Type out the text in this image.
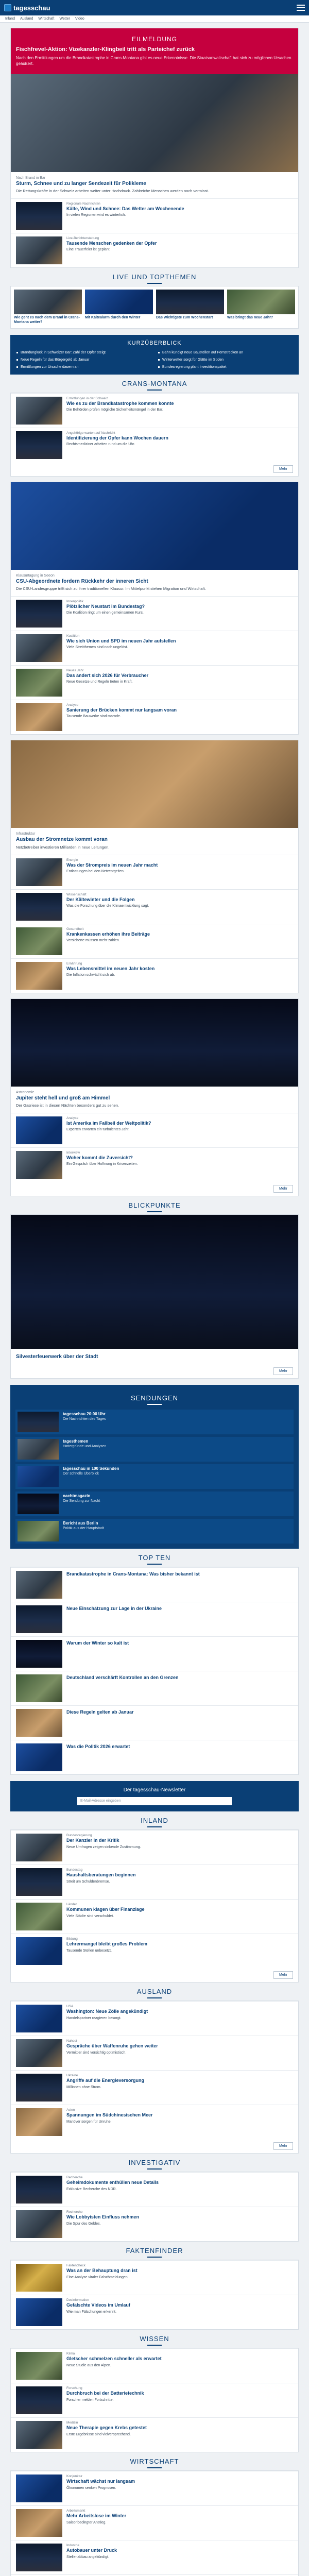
tagesschau
Inland Ausland Wirtschaft Wetter Video
EILMELDUNG
Fischfrevel-Aktion: Vizekanzler-Klingbeil tritt als Parteichef zurück
Nach den Ermittlungen um die Brandkatastrophe in Crans-Montana gibt es neue Erkenntnisse. Die Staatsanwaltschaft hat sich zu möglichen Ursachen geäußert.
Nach Brand in Bar
Sturm, Schnee und zu langer Sendezeit für Polikleme
Die Rettungskräfte in der Schweiz arbeiten weiter unter Hochdruck. Zahlreiche Menschen werden noch vermisst.
Regionale Nachrichten
Kälte, Wind und Schnee: Das Wetter am Wochenende
In vielen Regionen wird es winterlich.
Live-Berichterstattung
Tausende Menschen gedenken der Opfer
Eine Trauerfeier ist geplant.
LIVE UND TOPTHEMEN
Wie geht es nach dem Brand in Crans-Montana weiter?
Mit Kältealarm durch den Winter	Das Wichtigste zum Wochenstart	Was bringt das neue Jahr?
KURZÜBERBLICK
Brandunglück in Schweizer Bar: Zahl der Opfer steigt	Bahn kündigt neue Baustellen auf Fernstrecken an
Neue Regeln für das Bürgergeld ab Januar	Winterwetter sorgt für Glätte im Süden
Ermittlungen zur Ursache dauern an	Bundesregierung plant Investitionspaket
CRANS-MONTANA
Ermittlungen in der Schweiz
Wie es zu der Brandkatastrophe kommen konnte
Die Behörden prüfen mögliche Sicherheitsmängel in der Bar.
Angehörige warten auf Nachricht
Identifizierung der Opfer kann Wochen dauern
Rechtsmediziner arbeiten rund um die Uhr.
Mehr
Klausurtagung in Seeon
CSU-Abgeordnete fordern Rückkehr der inneren Sicht
Die CSU-Landesgruppe trifft sich zu ihrer traditionellen Klausur. Im Mittelpunkt stehen Migration und Wirtschaft.
Innenpolitik
Plötzlicher Neustart im Bundestag?
Die Koalition ringt um einen gemeinsamen Kurs.
Koalition
Wie sich Union und SPD im neuen Jahr aufstellen
Viele Streitthemen sind noch ungelöst.
Neues Jahr
Das ändert sich 2026 für Verbraucher
Neue Gesetze und Regeln treten in Kraft.
Analyse
Sanierung der Brücken kommt nur langsam voran
Tausende Bauwerke sind marode.
Infrastruktur
Ausbau der Stromnetze kommt voran
Netzbetreiber investieren Milliarden in neue Leitungen.
Energie
Was der Strompreis im neuen Jahr macht
Entlastungen bei den Netzentgelten.
Wissenschaft
Der Kältewinter und die Folgen
Was die Forschung über die Klimaentwicklung sagt.
Gesundheit
Krankenkassen erhöhen ihre Beiträge
Versicherte müssen mehr zahlen.
Ernährung
Was Lebensmittel im neuen Jahr kosten
Die Inflation schwächt sich ab.
Astronomie
Jupiter steht hell und groß am Himmel
Der Gasriese ist in diesen Nächten besonders gut zu sehen.
Analyse
Ist Amerika im Fallbeil der Weltpolitik?
Experten erwarten ein turbulentes Jahr.
Interview
Woher kommt die Zuversicht?
Ein Gespräch über Hoffnung in Krisenzeiten.
Mehr
BLICKPUNKTE
Silvesterfeuerwerk über der Stadt
Mehr
SENDUNGEN
tagesschau 20:00 Uhr
Die Nachrichten des Tages
tagesthemen
Hintergründe und Analysen
tagesschau in 100 Sekunden
Der schnelle Überblick
nachtmagazin
Die Sendung zur Nacht
Bericht aus Berlin
Politik aus der Hauptstadt
TOP TEN
Brandkatastrophe in Crans-Montana: Was bisher bekannt ist
Neue Einschätzung zur Lage in der Ukraine
Warum der Winter so kalt ist
Deutschland verschärft Kontrollen an den Grenzen
Diese Regeln gelten ab Januar
Was die Politik 2026 erwartet
Der tagesschau-Newsletter
E-Mail-Adresse eingeben
INLAND
Bundesregierung
Der Kanzler in der Kritik
Neue Umfragen zeigen sinkende Zustimmung.
Bundestag
Haushaltsberatungen beginnen
Streit um Schuldenbremse.
Länder
Kommunen klagen über Finanzlage
Viele Städte sind verschuldet.
Bildung
Lehrermangel bleibt großes Problem
Tausende Stellen unbesetzt.
Mehr
AUSLAND
USA
Washington: Neue Zölle angekündigt
Handelspartner reagieren besorgt.
Nahost
Gespräche über Waffenruhe gehen weiter
Vermittler sind vorsichtig optimistisch.
Ukraine
Angriffe auf die Energieversorgung
Millionen ohne Strom.
Asien
Spannungen im Südchinesischen Meer
Manöver sorgen für Unruhe.
Mehr
INVESTIGATIV
Recherche
Geheimdokumente enthüllen neue Details
Exklusive Recherche des NDR.
Recherche
Wie Lobbyisten Einfluss nehmen
Die Spur des Geldes.
FAKTENFINDER
Faktencheck
Was an der Behauptung dran ist
Eine Analyse viraler Falschmeldungen.
Desinformation
Gefälschte Videos im Umlauf
Wie man Fälschungen erkennt.
WISSEN
Klima
Gletscher schmelzen schneller als erwartet
Neue Studie aus den Alpen.
Forschung
Durchbruch bei der Batterietechnik
Forscher melden Fortschritte.
Medizin
Neue Therapie gegen Krebs getestet
Erste Ergebnisse sind vielversprechend.
WIRTSCHAFT
Konjunktur
Wirtschaft wächst nur langsam
Ökonomen senken Prognosen.
Arbeitsmarkt
Mehr Arbeitslose im Winter
Saisonbedingter Anstieg.
Industrie
Autobauer unter Druck
Stellenabbau angekündigt.
